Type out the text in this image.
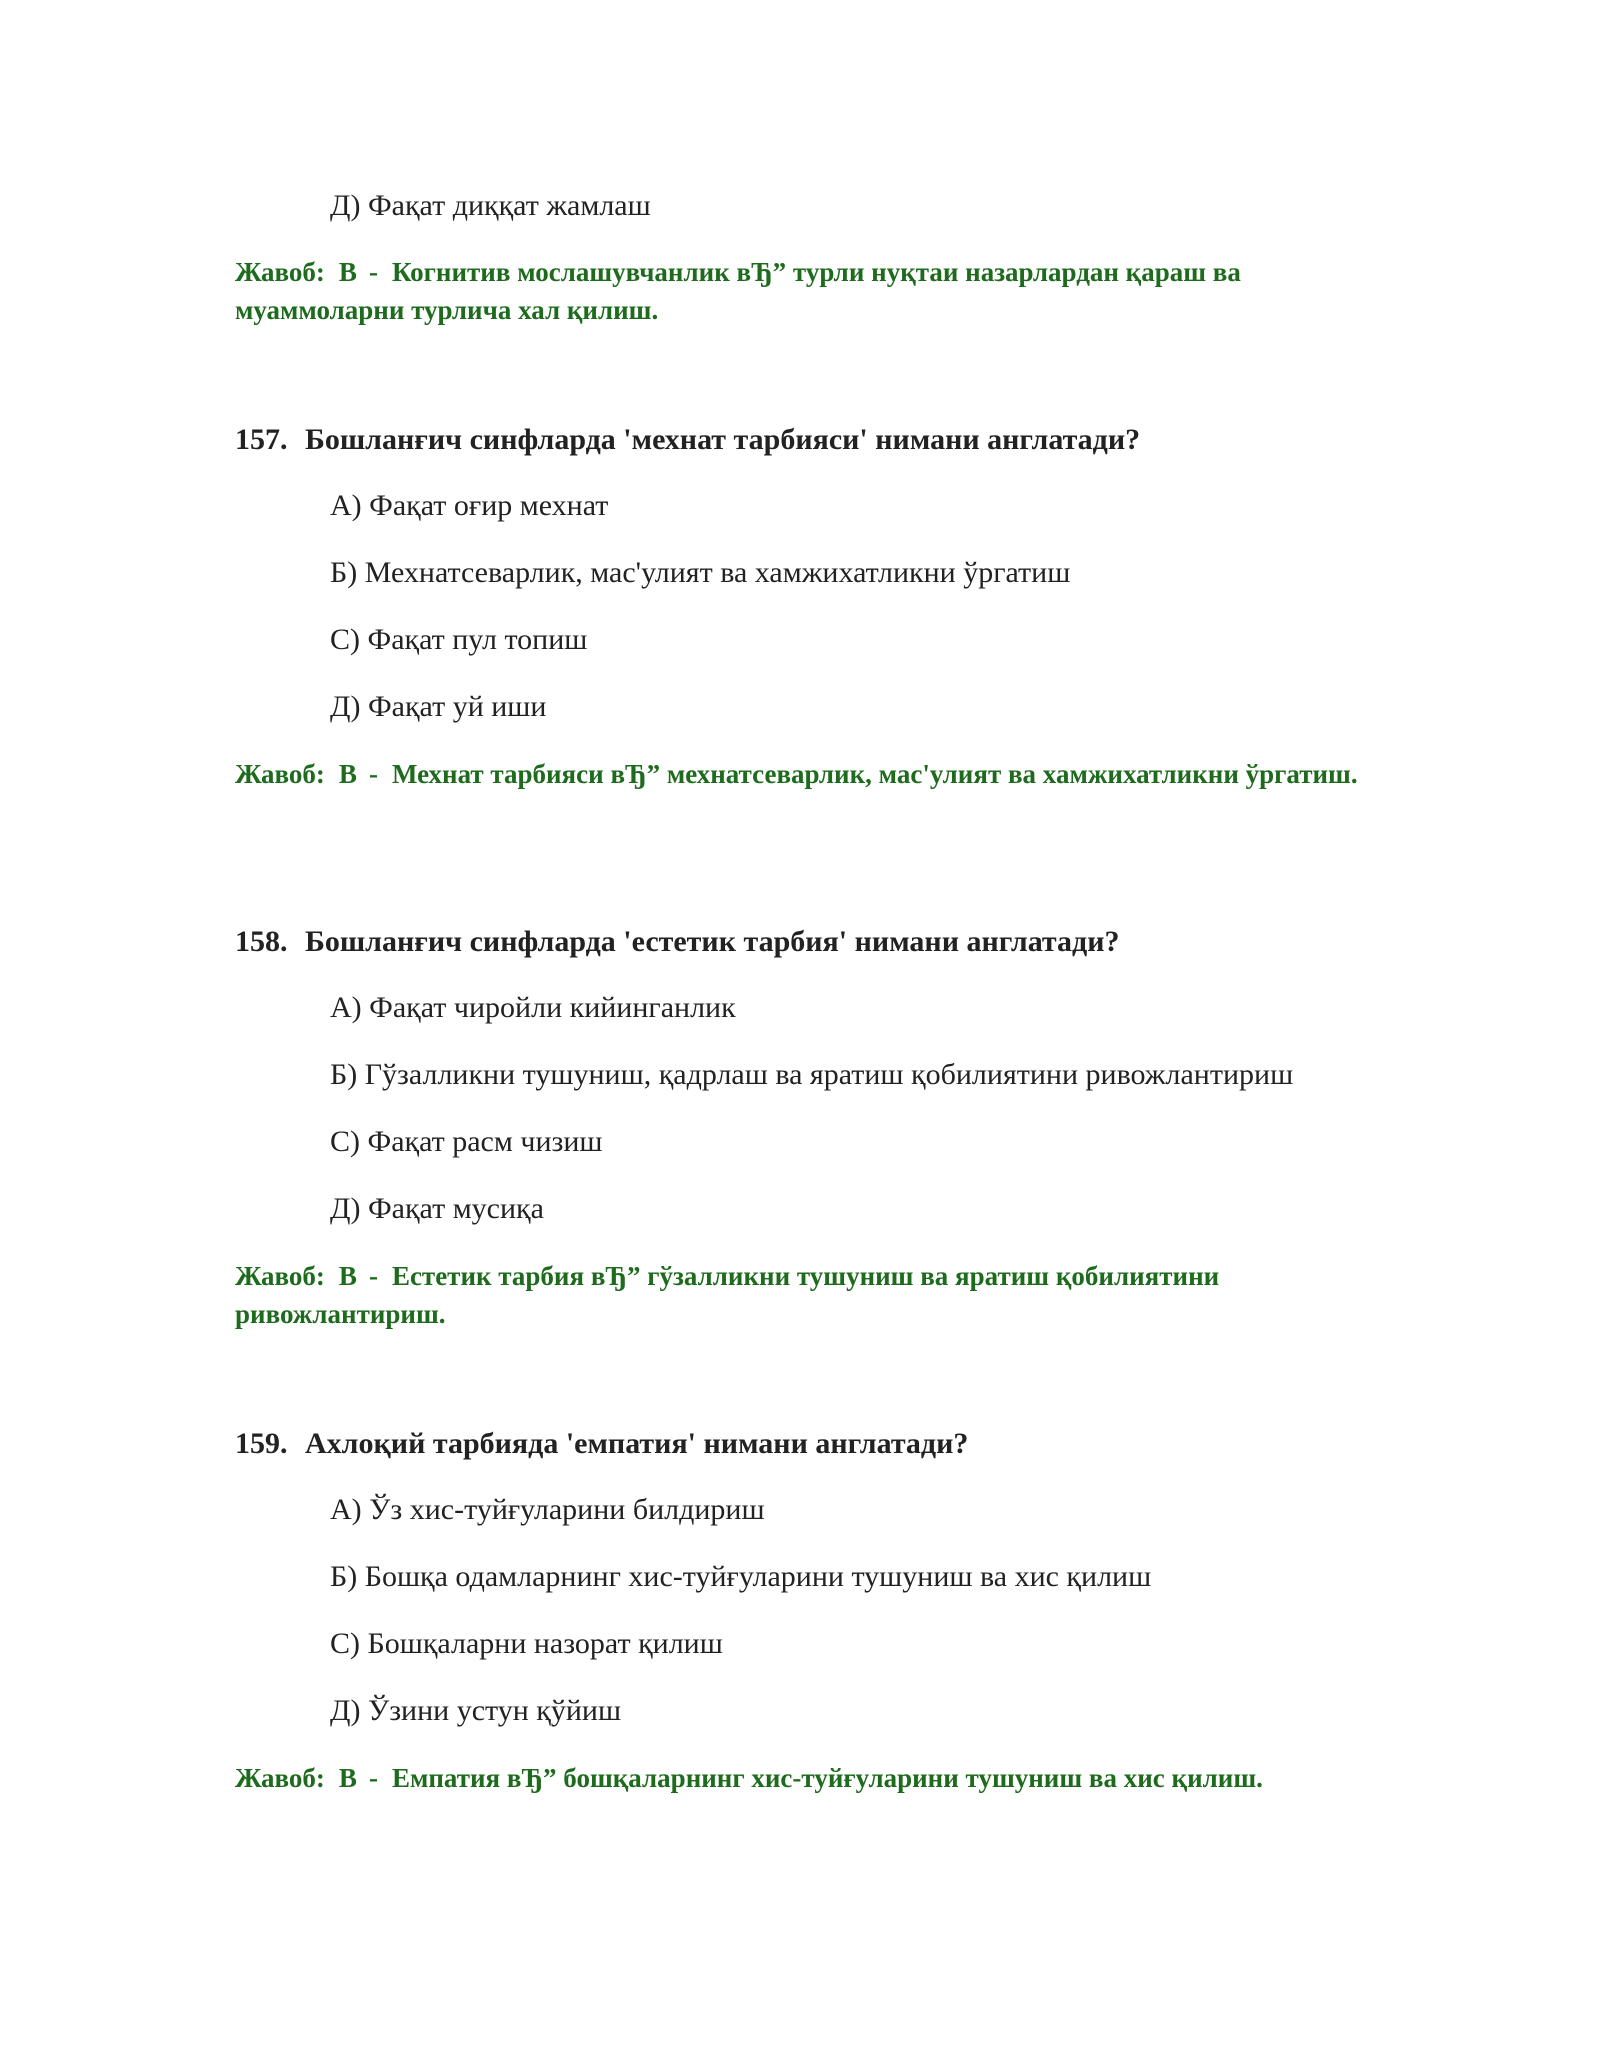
Д) Фақат диққат жамлаш
Жавоб: B - Когнитив мослашувчанлик вЂ” турли нуқтаи назарлардан қараш ва муаммоларни турлича хал қилиш.
157. Бошланғич синфларда 'мехнат тарбияси' нимани англатади?
А) Фақат оғир мехнат
Б) Мехнатсеварлик, мас'улият ва хамжихатликни ўргатиш
С) Фақат пул топиш
Д) Фақат уй иши
Жавоб: B - Мехнат тарбияси вЂ” мехнатсеварлик, мас'улият ва хамжихатликни ўргатиш.
158. Бошланғич синфларда 'естетик тарбия' нимани англатади?
А) Фақат чиройли кийинганлик
Б) Гўзалликни тушуниш, қадрлаш ва яратиш қобилиятини ривожлантириш
С) Фақат расм чизиш
Д) Фақат мусиқа
Жавоб: B - Естетик тарбия вЂ” гўзалликни тушуниш ва яратиш қобилиятини ривожлантириш.
159. Ахлоқий тарбияда 'емпатия' нимани англатади?
А) Ўз хис-туйғуларини билдириш
Б) Бошқа одамларнинг хис-туйғуларини тушуниш ва хис қилиш
С) Бошқаларни назорат қилиш
Д) Ўзини устун қўйиш
Жавоб: B - Емпатия вЂ” бошқаларнинг хис-туйғуларини тушуниш ва хис қилиш.
